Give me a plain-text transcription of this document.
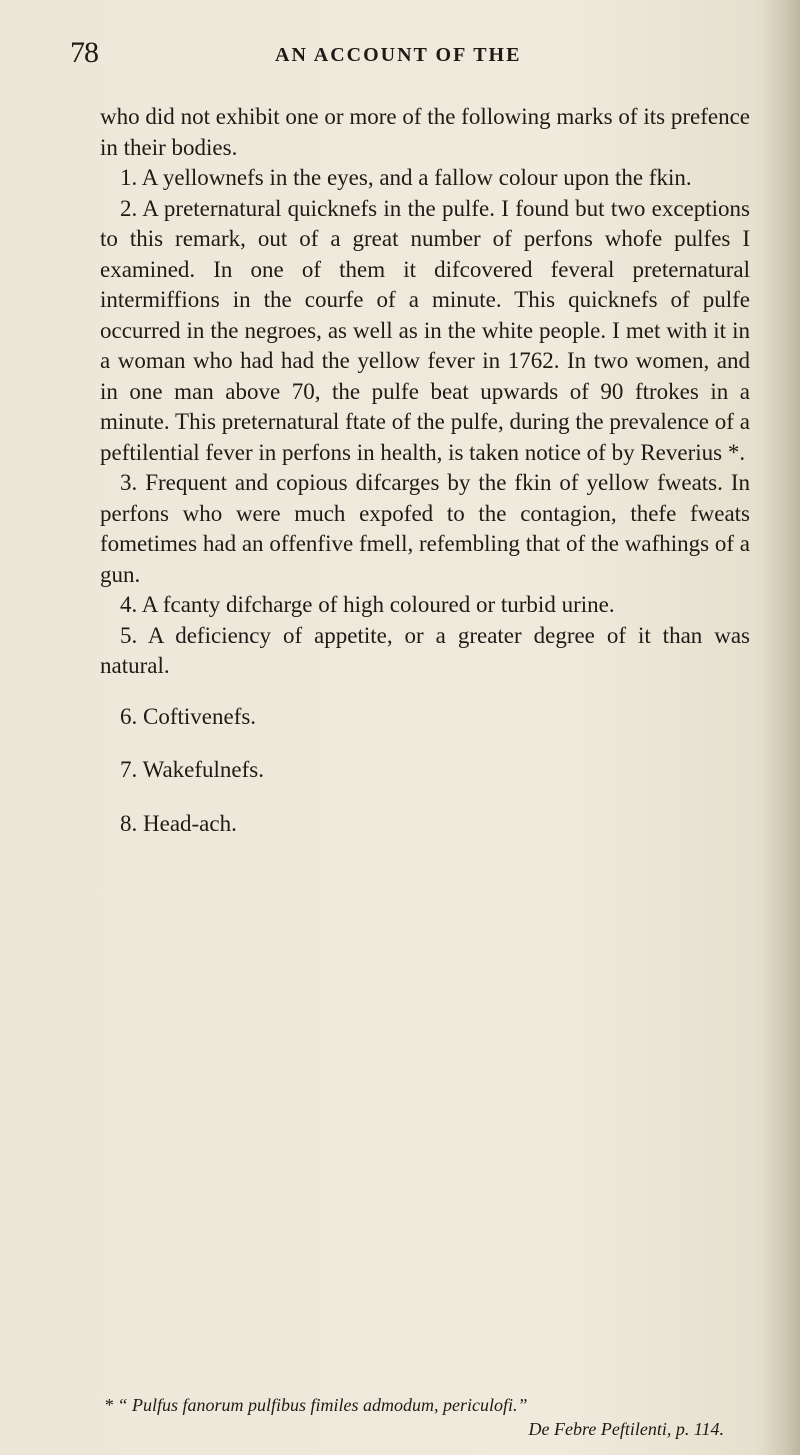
78	AN ACCOUNT OF THE

who did not exhibit one or more of the following marks of its prefence in their bodies.

1. A yellownefs in the eyes, and a fallow colour upon the fkin.

2. A preternatural quicknefs in the pulfe. I found but two exceptions to this remark, out of a great number of perfons whofe pulfes I examined. In one of them it difcovered feveral preternatural intermiffions in the courfe of a minute. This quicknefs of pulfe occurred in the negroes, as well as in the white people. I met with it in a woman who had had the yellow fever in 1762. In two women, and in one man above 70, the pulfe beat upwards of 90 ftrokes in a minute. This preternatural ftate of the pulfe, during the prevalence of a peftilential fever in perfons in health, is taken notice of by Reverius *.

3. Frequent and copious difcarges by the fkin of yellow fweats. In perfons who were much expofed to the contagion, thefe fweats fometimes had an offenfive fmell, refembling that of the wafhings of a gun.

4. A fcanty difcharge of high coloured or turbid urine.

5. A deficiency of appetite, or a greater degree of it than was natural.

6. Coftivenefs.

7. Wakefulnefs.

8. Head-ach.

* “ Pulfus fanorum pulfibus fimiles admodum, periculofi.”
De Febre Peftilenti, p. 114.
